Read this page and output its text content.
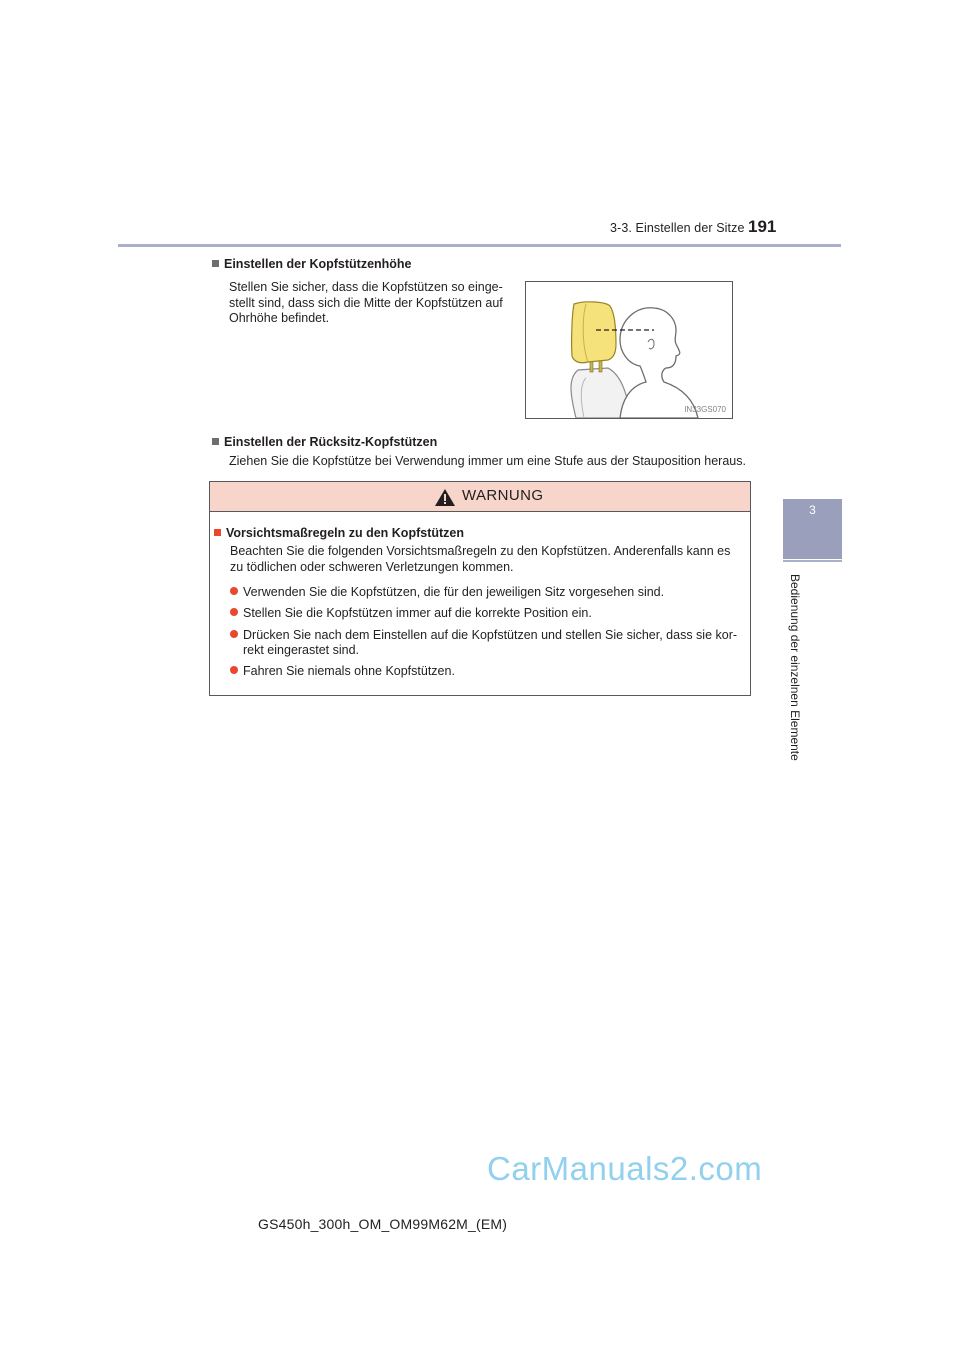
3-3. Einstellen der Sitze 191
3
Bedienung der einzelnen Elemente
Einstellen der Kopfstützenhöhe
Stellen Sie sicher, dass die Kopfstützen so einge-
stellt sind, dass sich die Mitte der Kopfstützen auf
Ohrhöhe befindet.
IN33GS070
Einstellen der Rücksitz-Kopfstützen
Ziehen Sie die Kopfstütze bei Verwendung immer um eine Stufe aus der Stauposition heraus.
WARNUNG
Vorsichtsmaßregeln zu den Kopfstützen
Beachten Sie die folgenden Vorsichtsmaßregeln zu den Kopfstützen. Anderenfalls kann es
zu tödlichen oder schweren Verletzungen kommen.
Verwenden Sie die Kopfstützen, die für den jeweiligen Sitz vorgesehen sind.
Stellen Sie die Kopfstützen immer auf die korrekte Position ein.
Drücken Sie nach dem Einstellen auf die Kopfstützen und stellen Sie sicher, dass sie kor-
rekt eingerastet sind.
Fahren Sie niemals ohne Kopfstützen.
CarManuals2.com
GS450h_300h_OM_OM99M62M_(EM)
